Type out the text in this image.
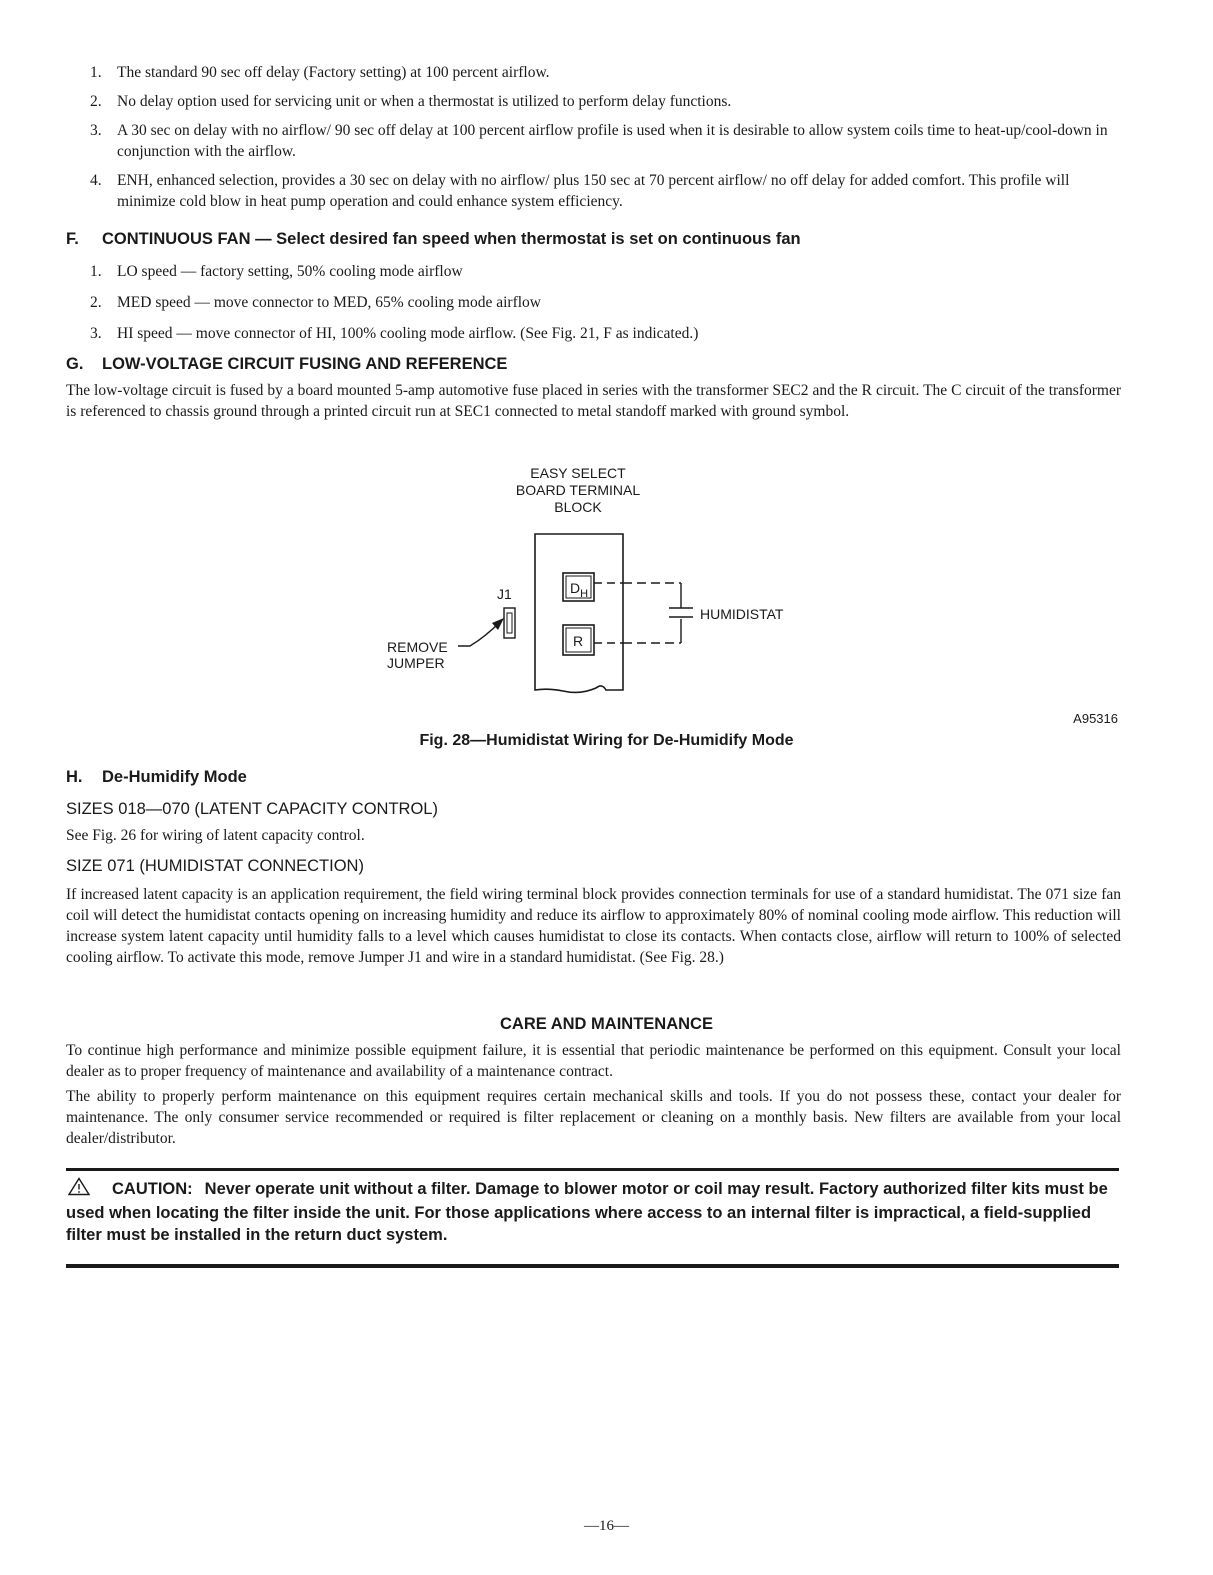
1. The standard 90 sec off delay (Factory setting) at 100 percent airflow.
2. No delay option used for servicing unit or when a thermostat is utilized to perform delay functions.
3. A 30 sec on delay with no airflow/ 90 sec off delay at 100 percent airflow profile is used when it is desirable to allow system coils time to heat-up/cool-down in conjunction with the airflow.
4. ENH, enhanced selection, provides a 30 sec on delay with no airflow/ plus 150 sec at 70 percent airflow/ no off delay for added comfort. This profile will minimize cold blow in heat pump operation and could enhance system efficiency.
F. CONTINUOUS FAN — Select desired fan speed when thermostat is set on continuous fan
1. LO speed — factory setting, 50% cooling mode airflow
2. MED speed — move connector to MED, 65% cooling mode airflow
3. HI speed — move connector of HI, 100% cooling mode airflow. (See Fig. 21, F as indicated.)
G. LOW-VOLTAGE CIRCUIT FUSING AND REFERENCE
The low-voltage circuit is fused by a board mounted 5-amp automotive fuse placed in series with the transformer SEC2 and the R circuit. The C circuit of the transformer is referenced to chassis ground through a printed circuit run at SEC1 connected to metal standoff marked with ground symbol.
EASY SELECT
BOARD TERMINAL
BLOCK
$D_H$
R
HUMIDISTAT
J1
REMOVE
JUMPER
A95316
Fig. 28—Humidistat Wiring for De-Humidify Mode
H. De-Humidify Mode
SIZES 018—070 (LATENT CAPACITY CONTROL)
See Fig. 26 for wiring of latent capacity control.
SIZE 071 (HUMIDISTAT CONNECTION)
If increased latent capacity is an application requirement, the field wiring terminal block provides connection terminals for use of a standard humidistat. The 071 size fan coil will detect the humidistat contacts opening on increasing humidity and reduce its airflow to approximately 80% of nominal cooling mode airflow. This reduction will increase system latent capacity until humidity falls to a level which causes humidistat to close its contacts. When contacts close, airflow will return to 100% of selected cooling airflow. To activate this mode, remove Jumper J1 and wire in a standard humidistat. (See Fig. 28.)
CARE AND MAINTENANCE
To continue high performance and minimize possible equipment failure, it is essential that periodic maintenance be performed on this equipment. Consult your local dealer as to proper frequency of maintenance and availability of a maintenance contract.
The ability to properly perform maintenance on this equipment requires certain mechanical skills and tools. If you do not possess these, contact your dealer for maintenance. The only consumer service recommended or required is filter replacement or cleaning on a monthly basis. New filters are available from your local dealer/distributor.
CAUTION: Never operate unit without a filter. Damage to blower motor or coil may result. Factory authorized filter kits must be used when locating the filter inside the unit. For those applications where access to an internal filter is impractical, a field-supplied filter must be installed in the return duct system.
—16—
